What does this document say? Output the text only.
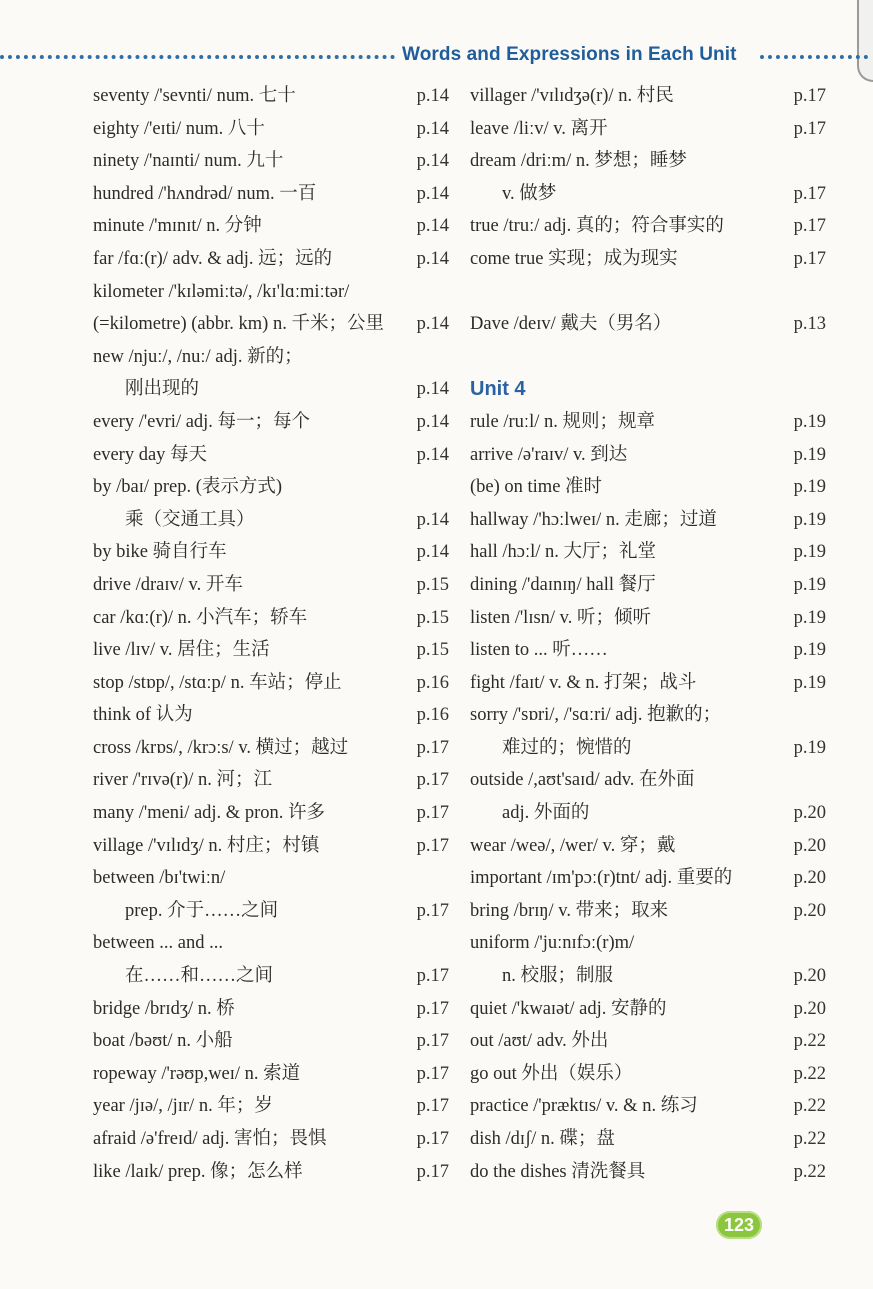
Words and Expressions in Each Unit
seventy /'sevnti/ num. 七十	p.14
eighty /'eɪti/ num. 八十	p.14
ninety /'naɪnti/ num. 九十	p.14
hundred /'hʌndrəd/ num. 一百	p.14
minute /'mɪnɪt/ n. 分钟	p.14
far /fɑː(r)/ adv. & adj. 远；远的	p.14
kilometer /'kɪləmiːtə/, /kɪ'lɑːmiːtər/
(=kilometre) (abbr. km) n. 千米；公里 p.14
new /njuː/, /nuː/ adj. 新的；
刚出现的	p.14
every /'evri/ adj. 每一；每个	p.14
every day 每天	p.14
by /baɪ/ prep. (表示方式)
乘（交通工具）	p.14
by bike 骑自行车	p.14
drive /draɪv/ v. 开车	p.15
car /kɑː(r)/ n. 小汽车；轿车	p.15
live /lɪv/ v. 居住；生活	p.15
stop /stɒp/, /stɑːp/ n. 车站；停止	p.16
think of 认为	p.16
cross /krɒs/, /krɔːs/ v. 横过；越过	p.17
river /'rɪvə(r)/ n. 河；江	p.17
many /'meni/ adj. & pron. 许多	p.17
village /'vɪlɪdʒ/ n. 村庄；村镇	p.17
between /bɪ'twiːn/
prep. 介于……之间	p.17
between ... and ...
在……和……之间	p.17
bridge /brɪdʒ/ n. 桥	p.17
boat /bəʊt/ n. 小船	p.17
ropeway /'rəʊp,weɪ/ n. 索道	p.17
year /jɪə/, /jɪr/ n. 年；岁	p.17
afraid /ə'freɪd/ adj. 害怕；畏惧	p.17
like /laɪk/ prep. 像；怎么样	p.17
villager /'vɪlɪdʒə(r)/ n. 村民	p.17
leave /liːv/ v. 离开	p.17
dream /driːm/ n. 梦想；睡梦
v. 做梦	p.17
true /truː/ adj. 真的；符合事实的	p.17
come true 实现；成为现实	p.17
Dave /deɪv/ 戴夫（男名）	p.13
Unit 4
rule /ruːl/ n. 规则；规章	p.19
arrive /ə'raɪv/ v. 到达	p.19
(be) on time 准时	p.19
hallway /'hɔːlweɪ/ n. 走廊；过道	p.19
hall /hɔːl/ n. 大厅；礼堂	p.19
dining /'daɪnɪŋ/ hall 餐厅	p.19
listen /'lɪsn/ v. 听；倾听	p.19
listen to ... 听……	p.19
fight /faɪt/ v. & n. 打架；战斗	p.19
sorry /'sɒri/, /'sɑːri/ adj. 抱歉的；
难过的；惋惜的	p.19
outside /,aʊt'saɪd/ adv. 在外面
adj. 外面的	p.20
wear /weə/, /wer/ v. 穿；戴	p.20
important /ɪm'pɔː(r)tnt/ adj. 重要的	p.20
bring /brɪŋ/ v. 带来；取来	p.20
uniform /'juːnɪfɔː(r)m/
n. 校服；制服	p.20
quiet /'kwaɪət/ adj. 安静的	p.20
out /aʊt/ adv. 外出	p.22
go out 外出（娱乐）	p.22
practice /'præktɪs/ v. & n. 练习	p.22
dish /dɪʃ/ n. 碟；盘	p.22
do the dishes 清洗餐具	p.22
123
